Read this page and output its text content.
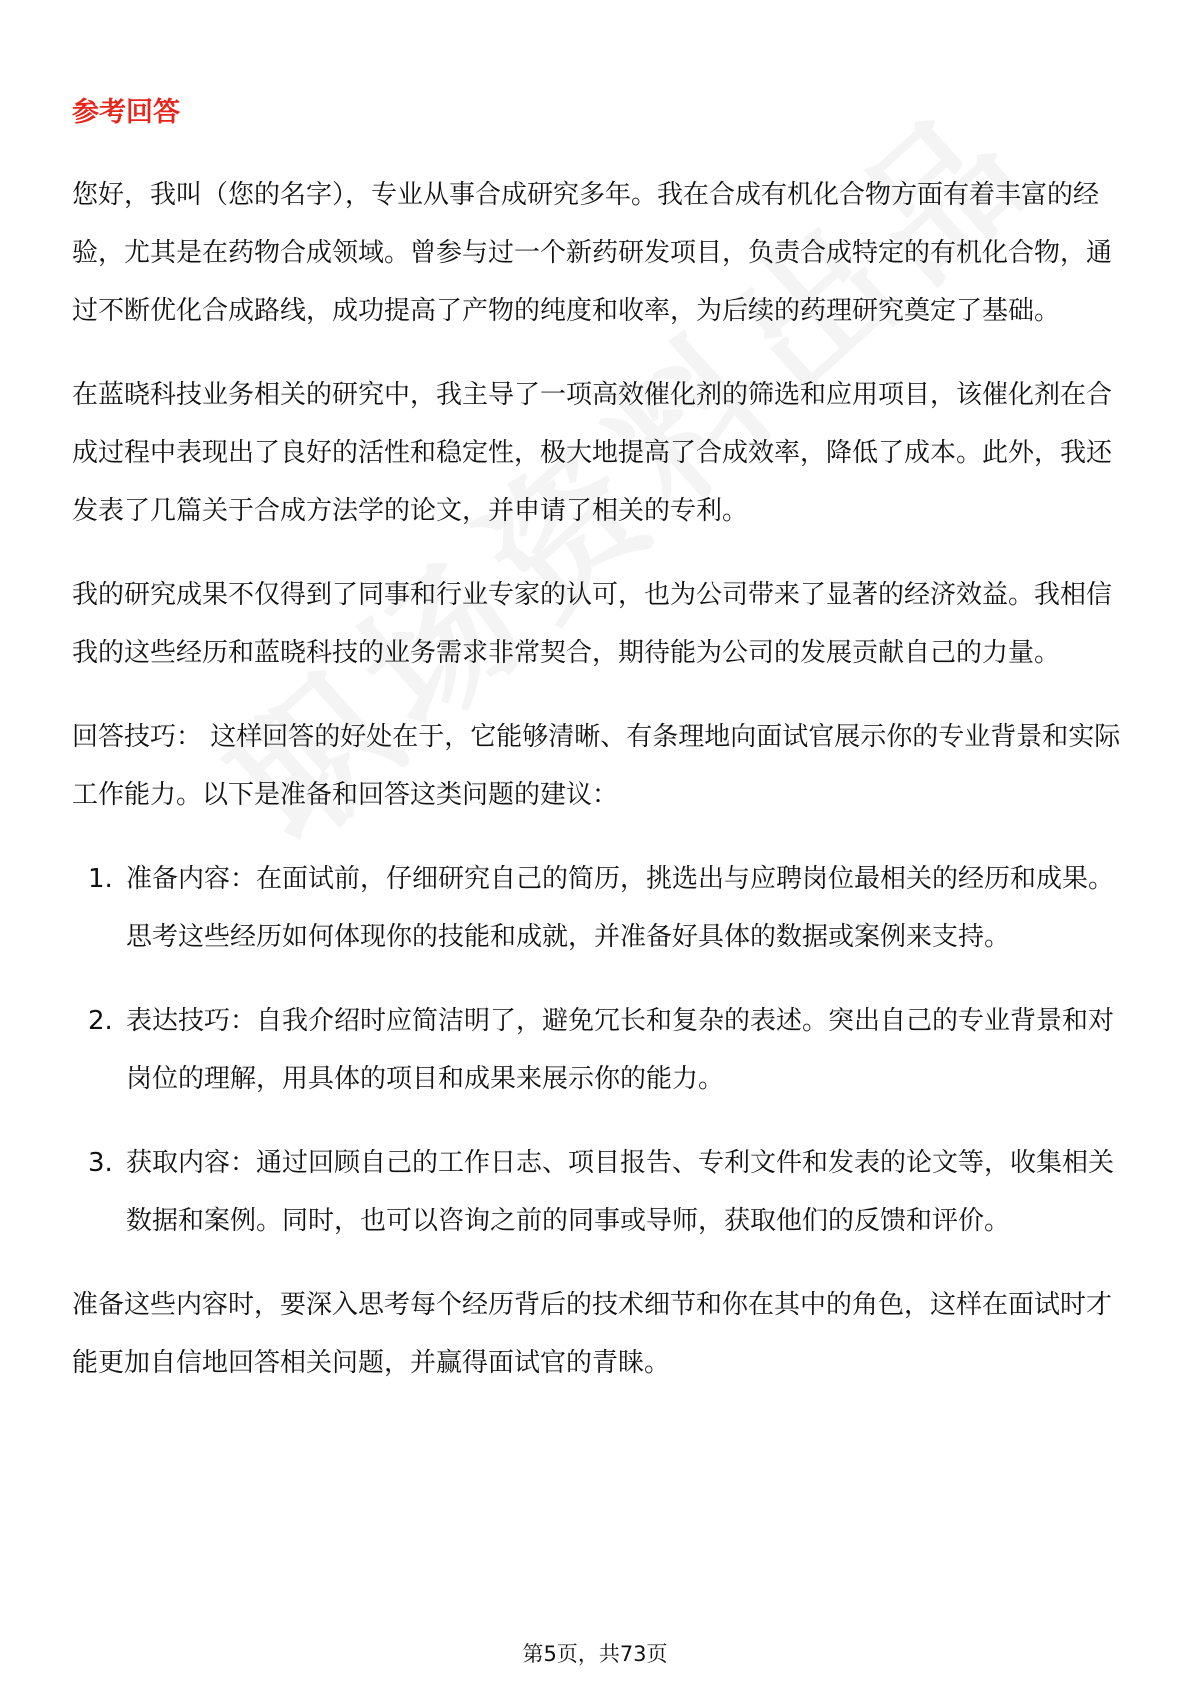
参考回答

您好，我叫（您的名字），专业从事合成研究多年。我在合成有机化合物方面有着丰富的经验，尤其是在药物合成领域。曾参与过一个新药研发项目，负责合成特定的有机化合物，通过不断优化合成路线，成功提高了产物的纯度和收率，为后续的药理研究奠定了基础。

在蓝晓科技业务相关的研究中，我主导了一项高效催化剂的筛选和应用项目，该催化剂在合成过程中表现出了良好的活性和稳定性，极大地提高了合成效率，降低了成本。此外，我还发表了几篇关于合成方法学的论文，并申请了相关的专利。

我的研究成果不仅得到了同事和行业专家的认可，也为公司带来了显著的经济效益。我相信我的这些经历和蓝晓科技的业务需求非常契合，期待能为公司的发展贡献自己的力量。

回答技巧： 这样回答的好处在于，它能够清晰、有条理地向面试官展示你的专业背景和实际工作能力。以下是准备和回答这类问题的建议：

1. 准备内容：在面试前，仔细研究自己的简历，挑选出与应聘岗位最相关的经历和成果。思考这些经历如何体现你的技能和成就，并准备好具体的数据或案例来支持。
2. 表达技巧：自我介绍时应简洁明了，避免冗长和复杂的表述。突出自己的专业背景和对岗位的理解，用具体的项目和成果来展示你的能力。
3. 获取内容：通过回顾自己的工作日志、项目报告、专利文件和发表的论文等，收集相关数据和案例。同时，也可以咨询之前的同事或导师，获取他们的反馈和评价。

准备这些内容时，要深入思考每个经历背后的技术细节和你在其中的角色，这样在面试时才能更加自信地回答相关问题，并赢得面试官的青睐。

第5页，共73页
